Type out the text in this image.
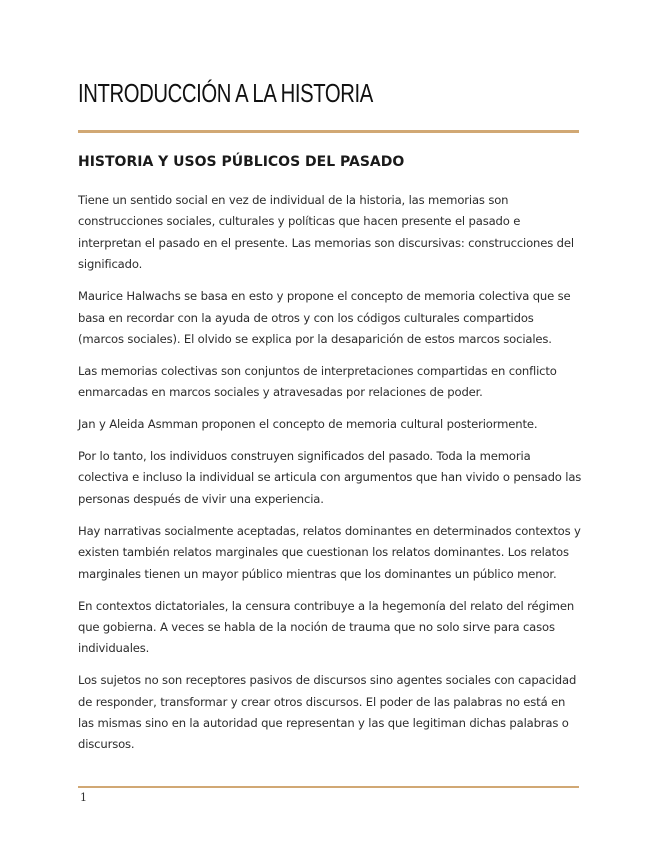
INTRODUCCIÓN A LA HISTORIA
HISTORIA Y USOS PÚBLICOS DEL PASADO

Tiene un sentido social en vez de individual de la historia, las memorias son construcciones sociales, culturales y políticas que hacen presente el pasado e interpretan el pasado en el presente. Las memorias son discursivas: construcciones del significado.

Maurice Halwachs se basa en esto y propone el concepto de memoria colectiva que se basa en recordar con la ayuda de otros y con los códigos culturales compartidos (marcos sociales). El olvido se explica por la desaparición de estos marcos sociales.

Las memorias colectivas son conjuntos de interpretaciones compartidas en conflicto enmarcadas en marcos sociales y atravesadas por relaciones de poder.

Jan y Aleida Asmman proponen el concepto de memoria cultural posteriormente.

Por lo tanto, los individuos construyen significados del pasado. Toda la memoria colectiva e incluso la individual se articula con argumentos que han vivido o pensado las personas después de vivir una experiencia.

Hay narrativas socialmente aceptadas, relatos dominantes en determinados contextos y existen también relatos marginales que cuestionan los relatos dominantes. Los relatos marginales tienen un mayor público mientras que los dominantes un público menor.

En contextos dictatoriales, la censura contribuye a la hegemonía del relato del régimen que gobierna. A veces se habla de la noción de trauma que no solo sirve para casos individuales.

Los sujetos no son receptores pasivos de discursos sino agentes sociales con capacidad de responder, transformar y crear otros discursos. El poder de las palabras no está en las mismas sino en la autoridad que representan y las que legitiman dichas palabras o discursos.

1
